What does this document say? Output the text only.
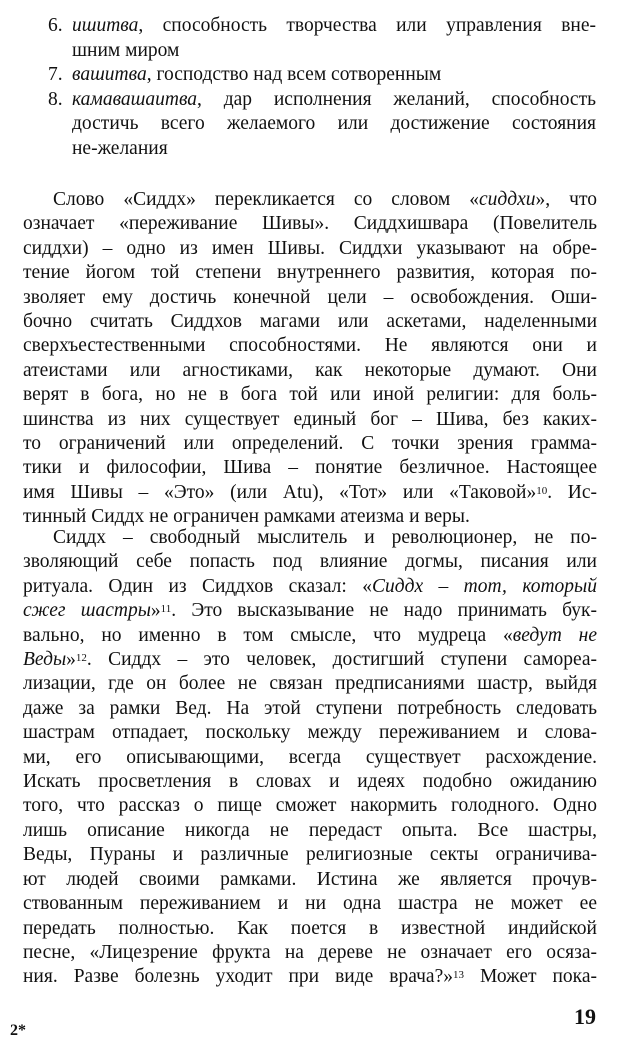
6. ишитва, способность творчества или управления вне-
шним миром
7. вашитва, господство над всем сотворенным
8. камавашаитва, дар исполнения желаний, способность
достичь всего желаемого или достижение состояния
не-желания
Слово «Сиддх» перекликается со словом «сиддхи», что
означает «переживание Шивы». Сиддхишвара (Повелитель
сиддхи) – одно из имен Шивы. Сиддхи указывают на обре-
тение йогом той степени внутреннего развития, которая по-
зволяет ему достичь конечной цели – освобождения. Оши-
бочно считать Сиддхов магами или аскетами, наделенными
сверхъестественными способностями. Не являются они и
атеистами или агностиками, как некоторые думают. Они
верят в бога, но не в бога той или иной религии: для боль-
шинства из них существует единый бог – Шива, без каких-
то ограничений или определений. С точки зрения грамма-
тики и философии, Шива – понятие безличное. Настоящее
имя Шивы – «Это» (или Atu), «Тот» или «Таковой»$^{10}$. Ис-
тинный Сиддх не ограничен рамками атеизма и веры.
Сиддх – свободный мыслитель и революционер, не по-
зволяющий себе попасть под влияние догмы, писания или
ритуала. Один из Сиддхов сказал: «Сиддх – тот, который
сжег шастры»$^{11}$. Это высказывание не надо принимать бук-
вально, но именно в том смысле, что мудреца «ведут не
Веды»$^{12}$. Сиддх – это человек, достигший ступени самореа-
лизации, где он более не связан предписаниями шастр, выйдя
даже за рамки Вед. На этой ступени потребность следовать
шастрам отпадает, поскольку между переживанием и слова-
ми, его описывающими, всегда существует расхождение.
Искать просветления в словах и идеях подобно ожиданию
того, что рассказ о пище сможет накормить голодного. Одно
лишь описание никогда не передаст опыта. Все шастры,
Веды, Пураны и различные религиозные секты ограничива-
ют людей своими рамками. Истина же является прочув-
ствованным переживанием и ни одна шастра не может ее
передать полностью. Как поется в известной индийской
песне, «Лицезрение фрукта на дереве не означает его осяза-
ния. Разве болезнь уходит при виде врача?»$^{13}$ Может пока-
19
2*
